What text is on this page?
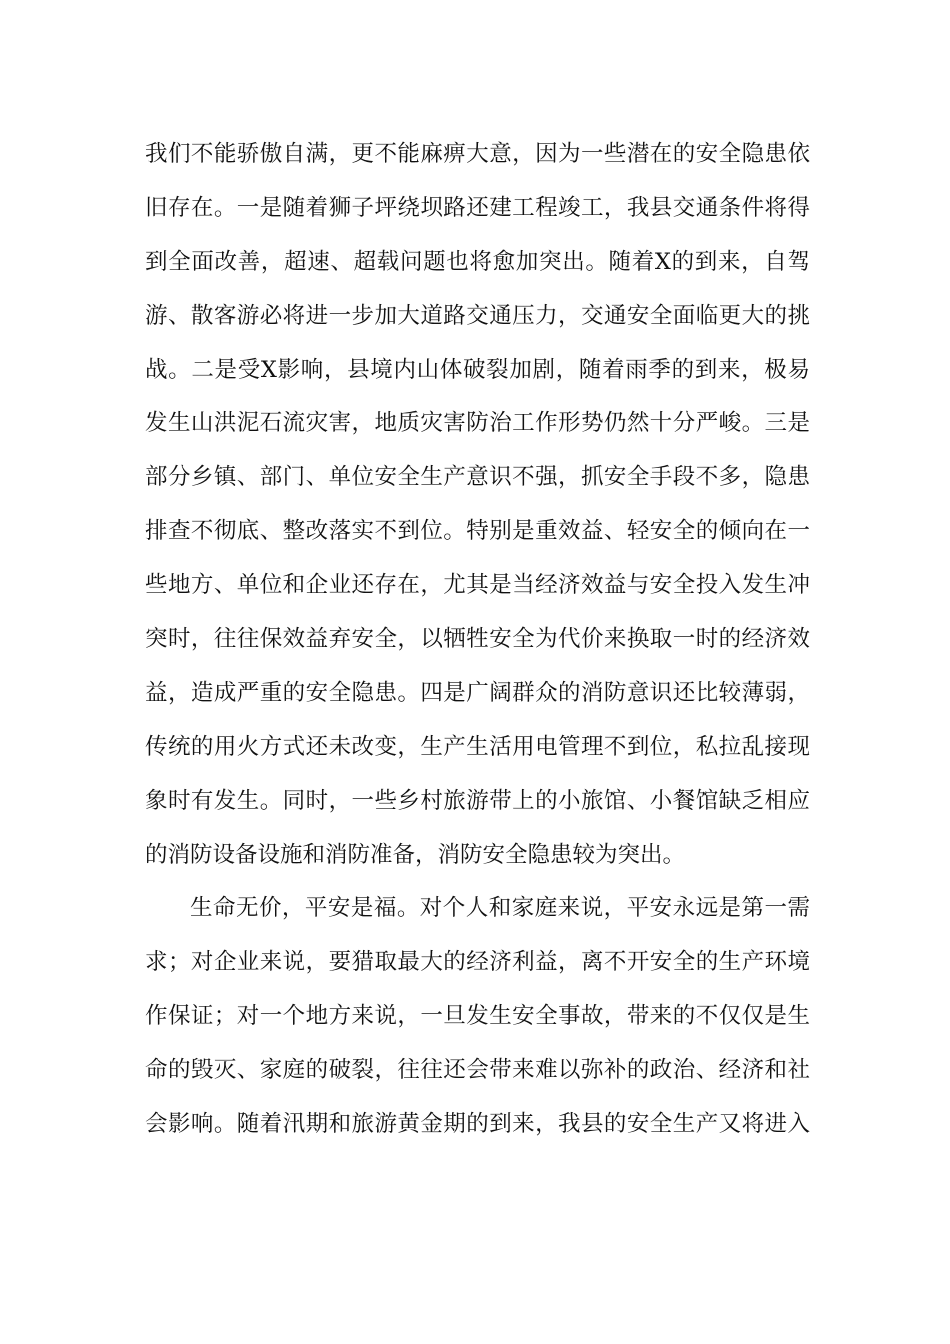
我们不能骄傲自满，更不能麻痹大意，因为一些潜在的安全隐患依
旧存在。一是随着狮子坪绕坝路还建工程竣工，我县交通条件将得
到全面改善，超速、超载问题也将愈加突出。随着X的到来，自驾
游、散客游必将进一步加大道路交通压力，交通安全面临更大的挑
战。二是受X影响，县境内山体破裂加剧，随着雨季的到来，极易
发生山洪泥石流灾害，地质灾害防治工作形势仍然十分严峻。三是
部分乡镇、部门、单位安全生产意识不强，抓安全手段不多，隐患
排查不彻底、整改落实不到位。特别是重效益、轻安全的倾向在一
些地方、单位和企业还存在，尤其是当经济效益与安全投入发生冲
突时，往往保效益弃安全，以牺牲安全为代价来换取一时的经济效
益，造成严重的安全隐患。四是广阔群众的消防意识还比较薄弱，
传统的用火方式还未改变，生产生活用电管理不到位，私拉乱接现
象时有发生。同时，一些乡村旅游带上的小旅馆、小餐馆缺乏相应
的消防设备设施和消防准备，消防安全隐患较为突出。
生命无价，平安是福。对个人和家庭来说，平安永远是第一需
求；对企业来说，要猎取最大的经济利益，离不开安全的生产环境
作保证；对一个地方来说，一旦发生安全事故，带来的不仅仅是生
命的毁灭、家庭的破裂，往往还会带来难以弥补的政治、经济和社
会影响。随着汛期和旅游黄金期的到来，我县的安全生产又将进入
